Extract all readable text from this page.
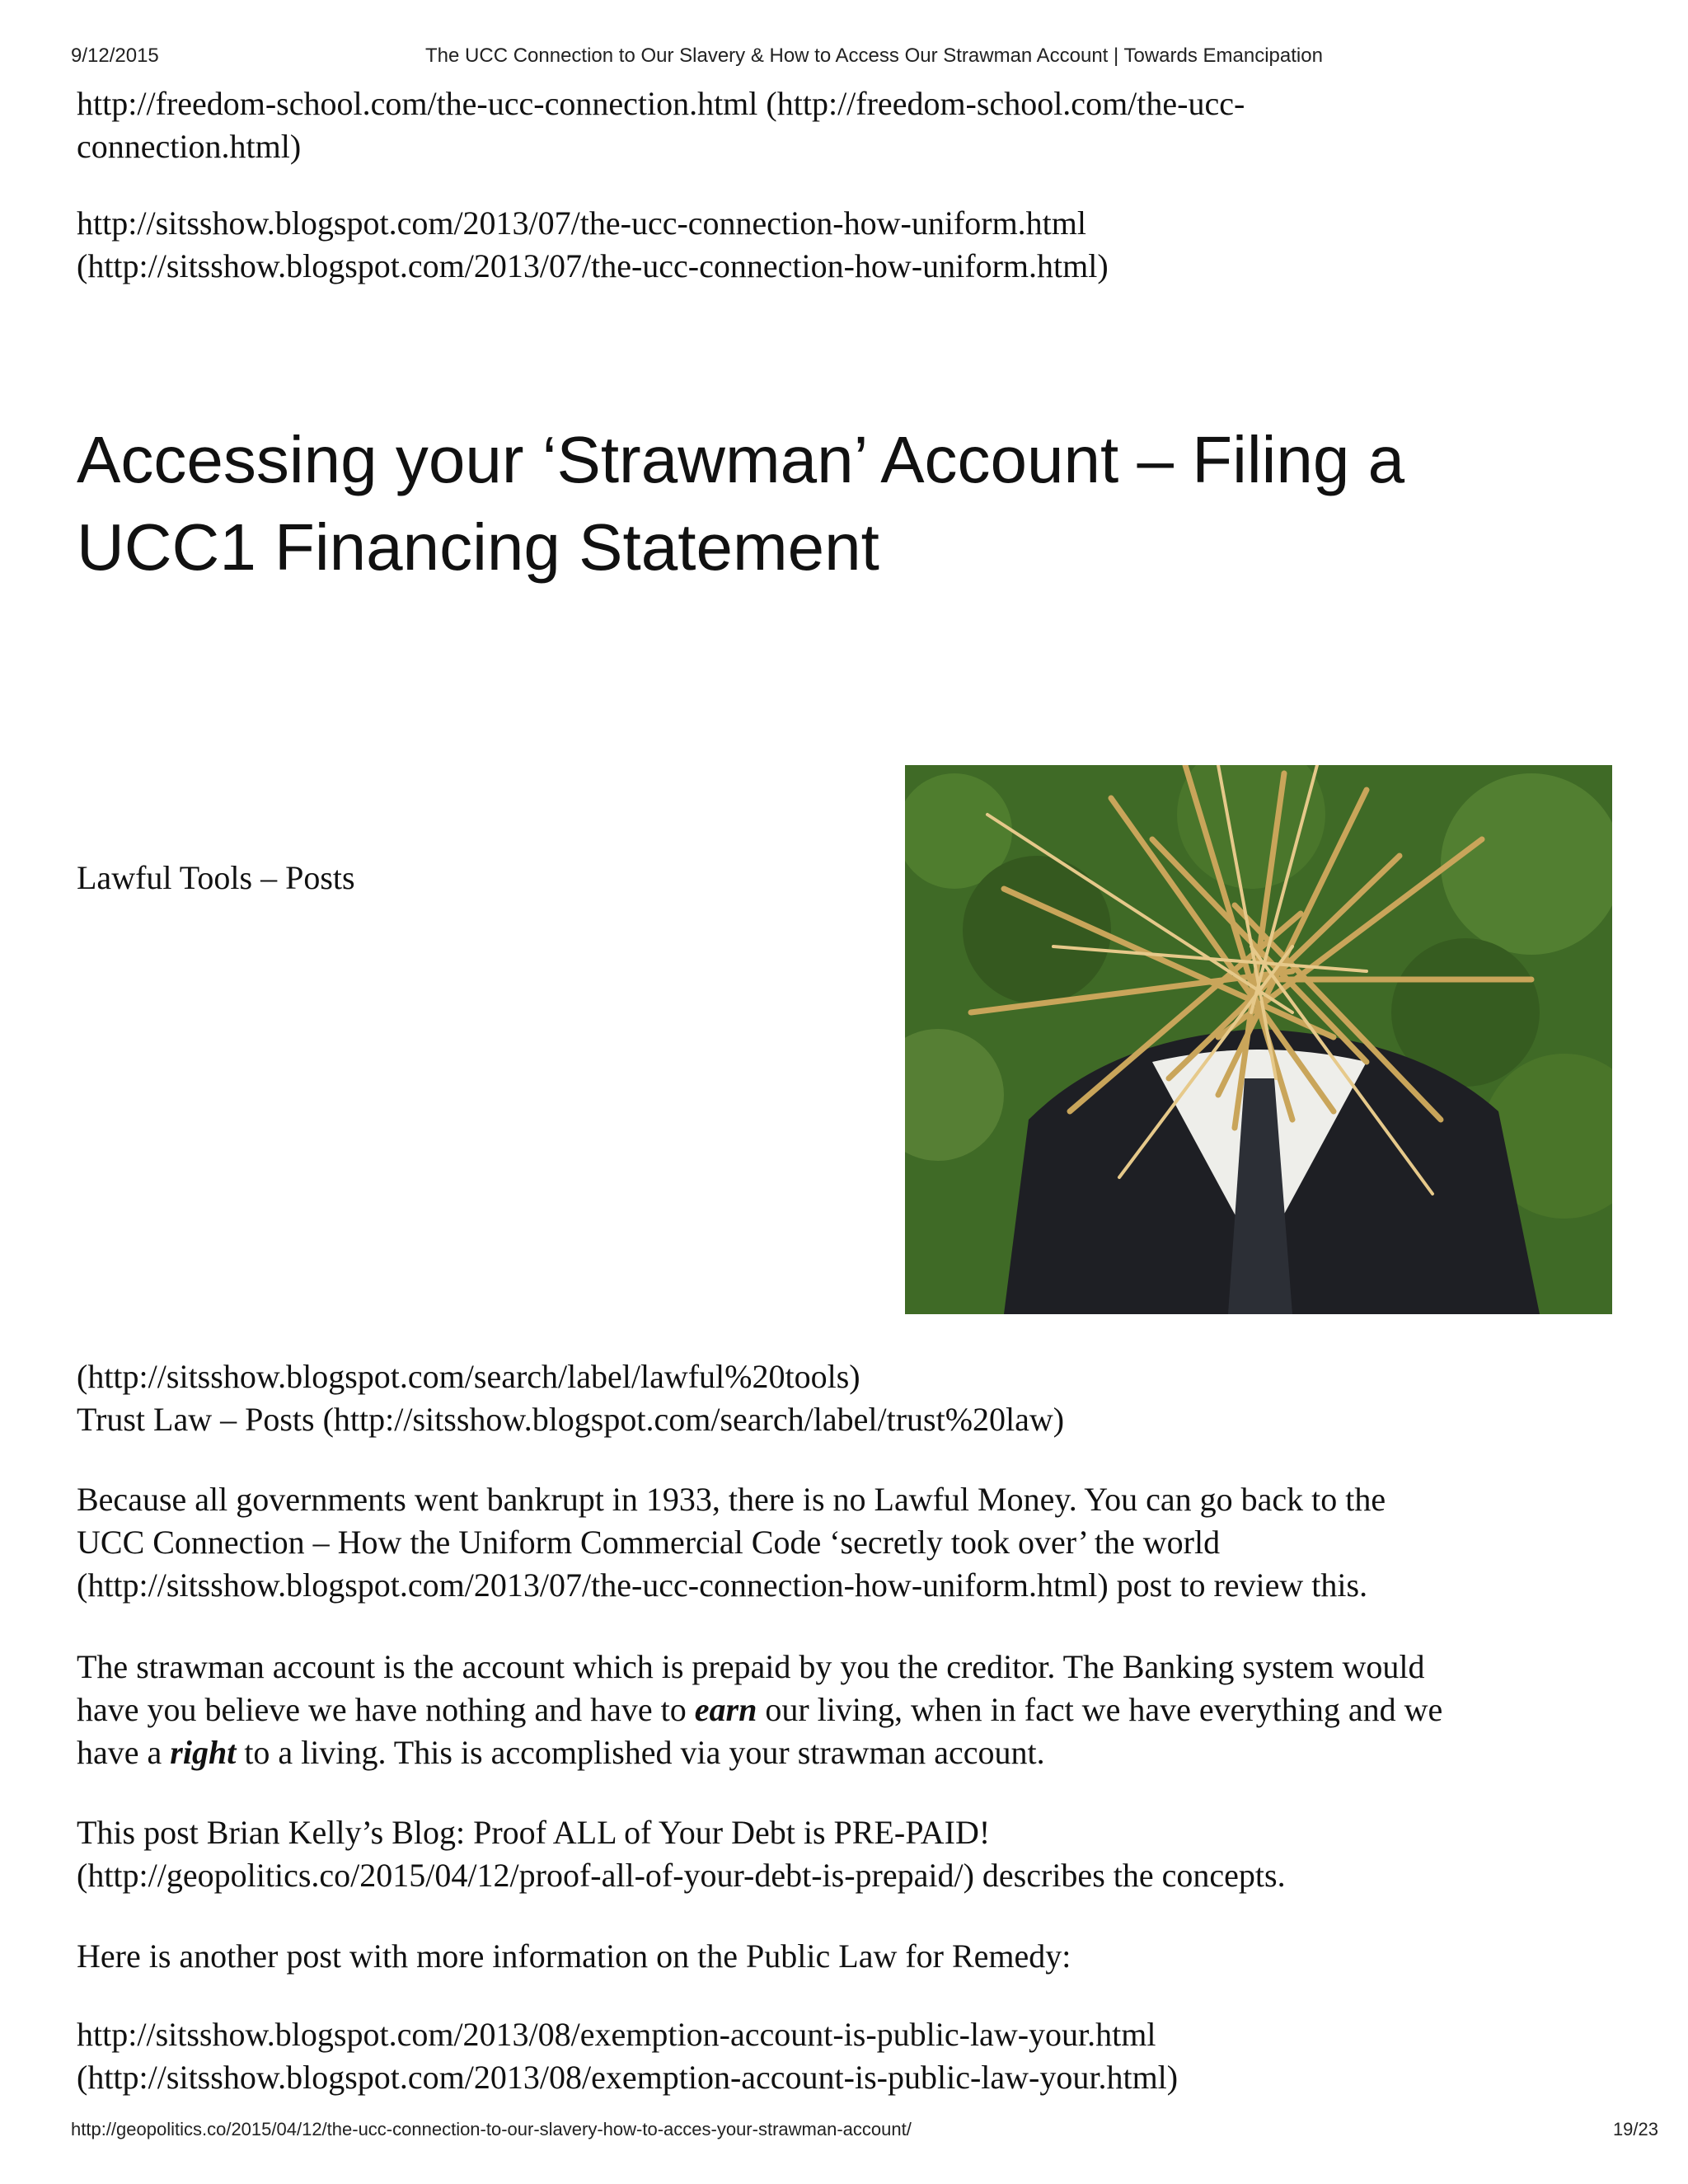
9/12/2015	The UCC Connection to Our Slavery & How to Access Our Strawman Account | Towards Emancipation
http://freedom-school.com/the-ucc-connection.html (http://freedom-school.com/the-ucc-
connection.html)
http://sitsshow.blogspot.com/2013/07/the-ucc-connection-how-uniform.html
(http://sitsshow.blogspot.com/2013/07/the-ucc-connection-how-uniform.html)
Accessing your ‘Strawman’ Account – Filing a
UCC1 Financing Statement
Lawful Tools – Posts
(http://sitsshow.blogspot.com/search/label/lawful%20tools)
Trust Law – Posts (http://sitsshow.blogspot.com/search/label/trust%20law)
Because all governments went bankrupt in 1933, there is no Lawful Money. You can go back to the
UCC Connection – How the Uniform Commercial Code ‘secretly took over’ the world
(http://sitsshow.blogspot.com/2013/07/the-ucc-connection-how-uniform.html) post to review this.
The strawman account is the account which is prepaid by you the creditor. The Banking system would
have you believe we have nothing and have to earn our living, when in fact we have everything and we
have a right to a living. This is accomplished via your strawman account.
This post Brian Kelly’s Blog: Proof ALL of Your Debt is PRE-PAID!
(http://geopolitics.co/2015/04/12/proof-all-of-your-debt-is-prepaid/) describes the concepts.
Here is another post with more information on the Public Law for Remedy:
http://sitsshow.blogspot.com/2013/08/exemption-account-is-public-law-your.html
(http://sitsshow.blogspot.com/2013/08/exemption-account-is-public-law-your.html)
http://geopolitics.co/2015/04/12/the-ucc-connection-to-our-slavery-how-to-acces-your-strawman-account/	19/23
